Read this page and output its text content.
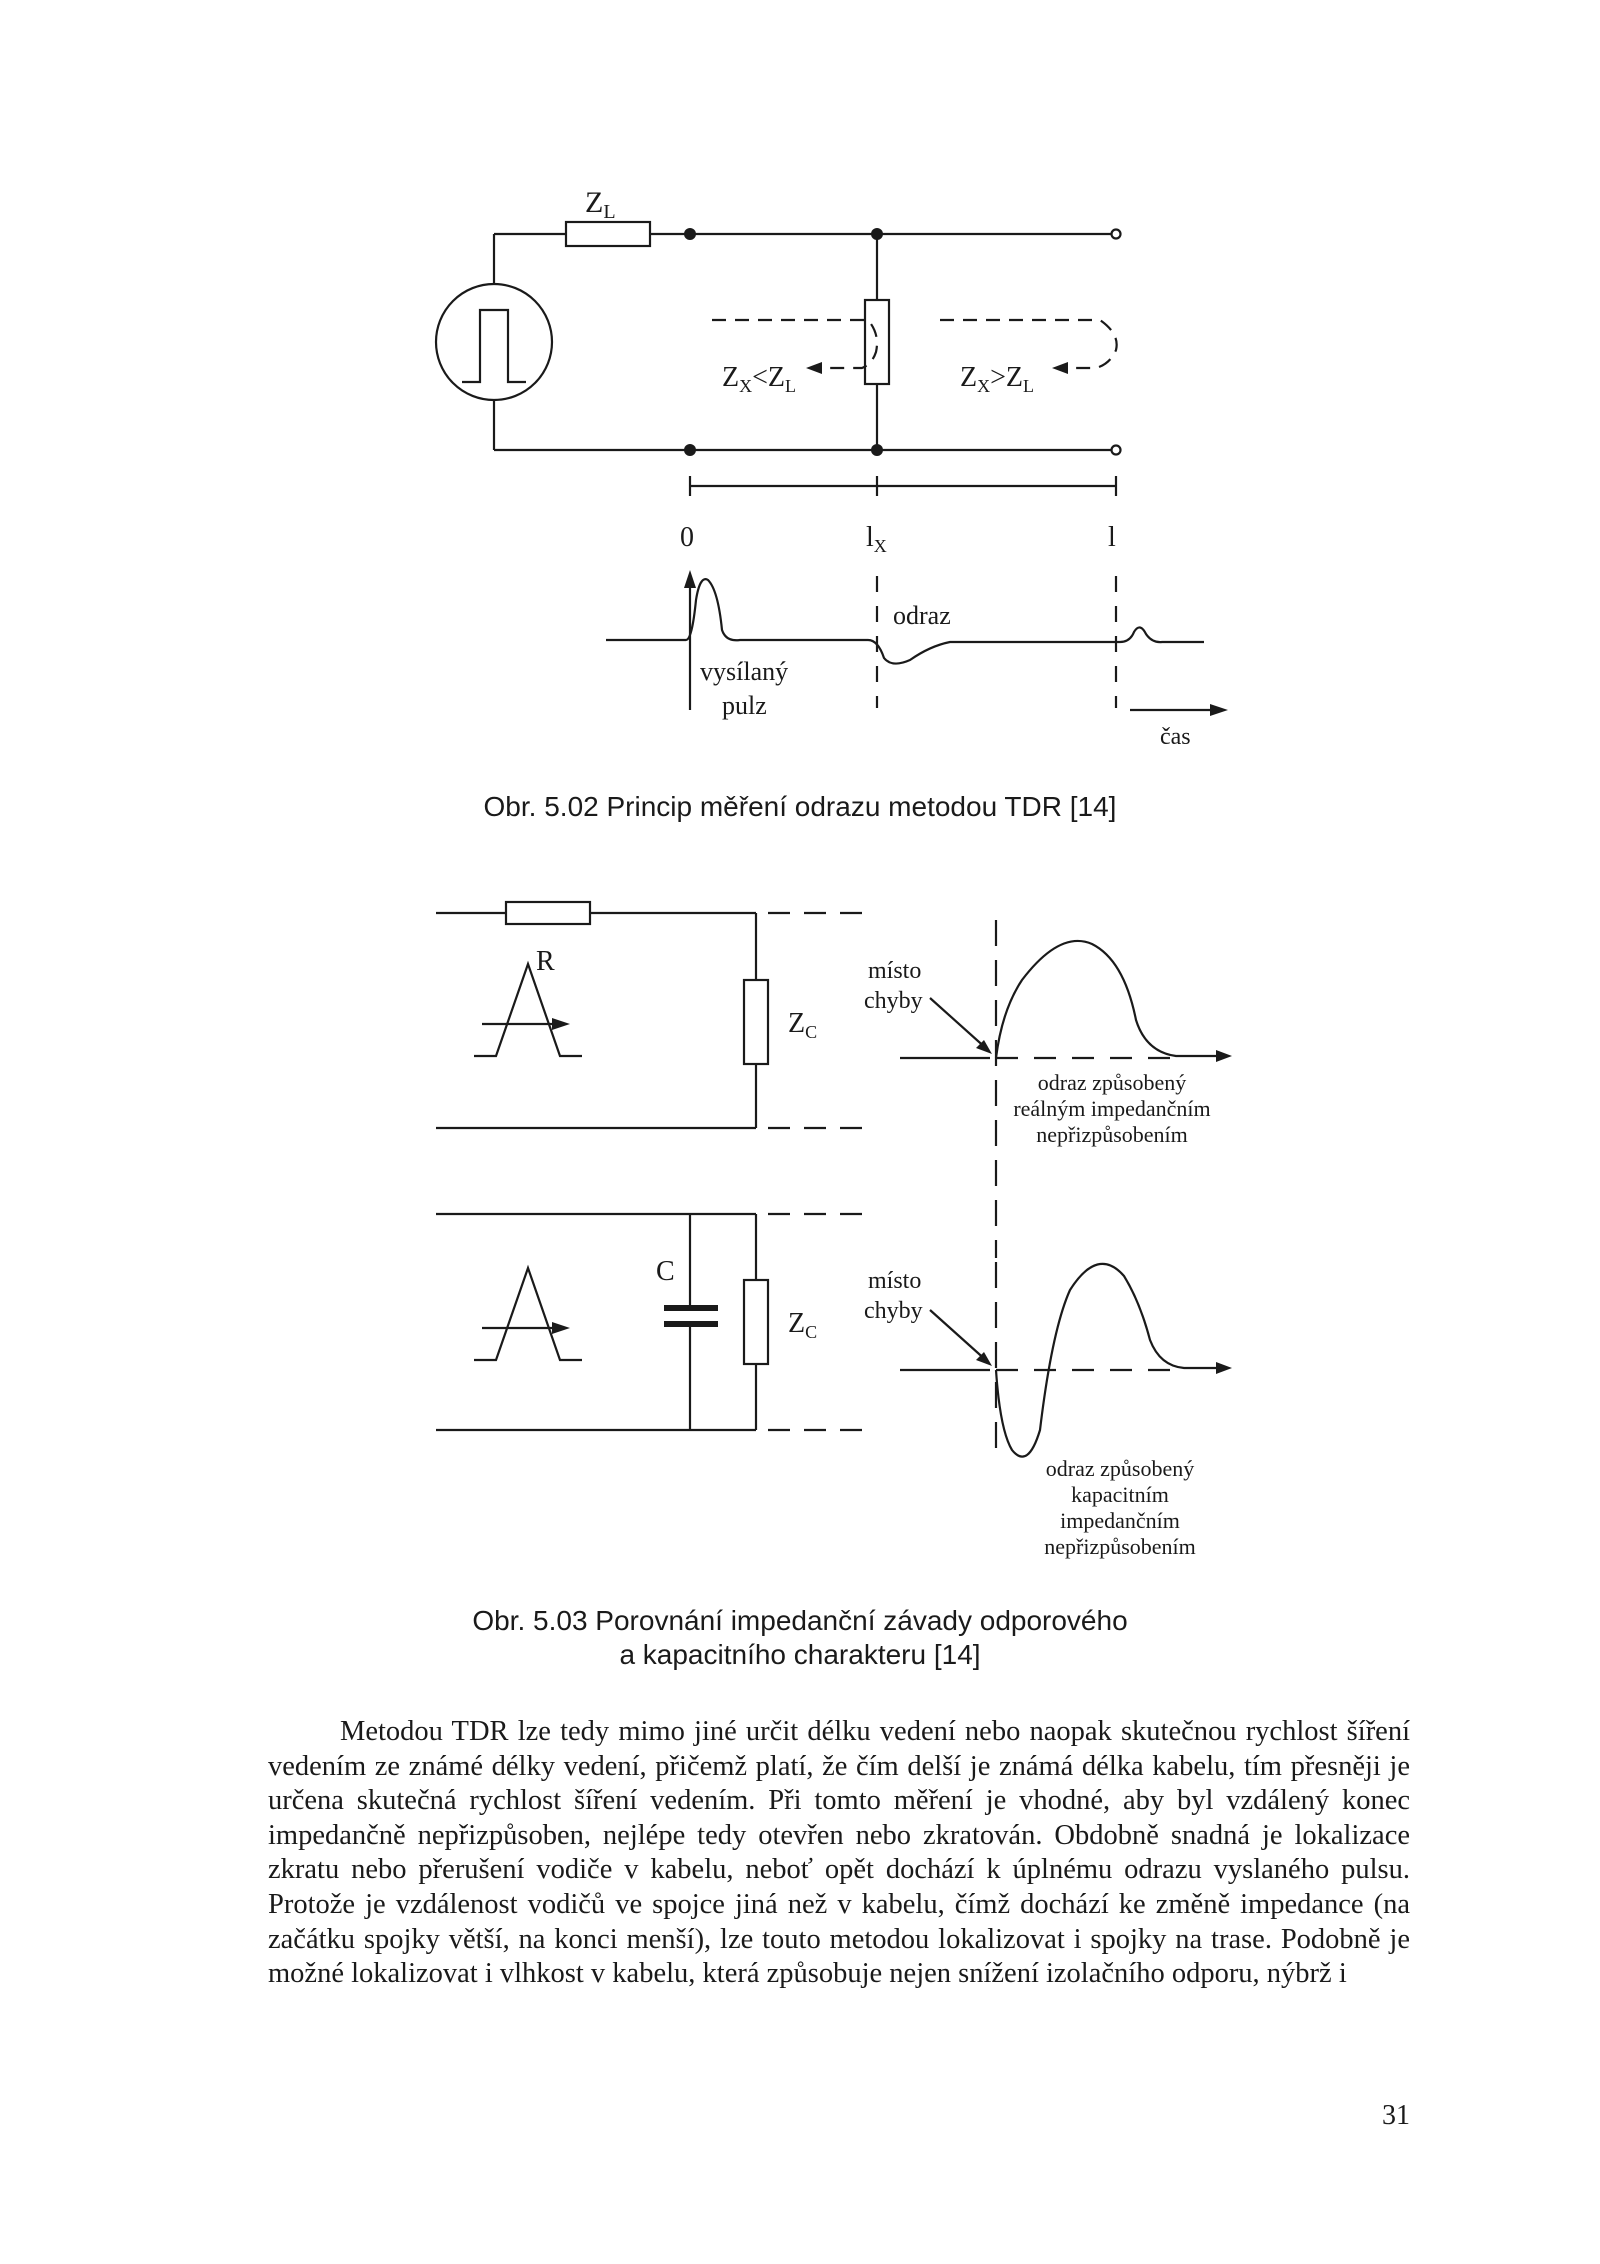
$Z_L$
$Z_X<Z_L$	$Z_X>Z_L$
0	$l_X$	l
odraz
vysílaný
pulz
čas
Obr. 5.02 Princip měření odrazu metodou TDR [14]
R
$Z_C$
místo
chyby
odraz způsobený
reálným impedančním
nepřizpůsobením
C
$Z_C$
místo
chyby
odraz způsobený
kapacitním
impedančním
nepřizpůsobením
Obr. 5.03 Porovnání impedanční závady odporového
a kapacitního charakteru [14]

Metodou TDR lze tedy mimo jiné určit délku vedení nebo naopak skutečnou rychlost šíření vedením ze známé délky vedení, přičemž platí, že čím delší je známá délka kabelu, tím přesněji je určena skutečná rychlost šíření vedením. Při tomto měření je vhodné, aby byl vzdálený konec impedančně nepřizpůsoben, nejlépe tedy otevřen nebo zkratován. Obdobně snadná je lokalizace zkratu nebo přerušení vodiče v kabelu, neboť opět dochází k úplnému odrazu vyslaného pulsu. Protože je vzdálenost vodičů ve spojce jiná než v kabelu, čímž dochází ke změně impedance (na začátku spojky větší, na konci menší), lze touto metodou lokalizovat i spojky na trase. Podobně je možné lokalizovat i vlhkost v kabelu, která způsobuje nejen snížení izolačního odporu, nýbrž i

31
